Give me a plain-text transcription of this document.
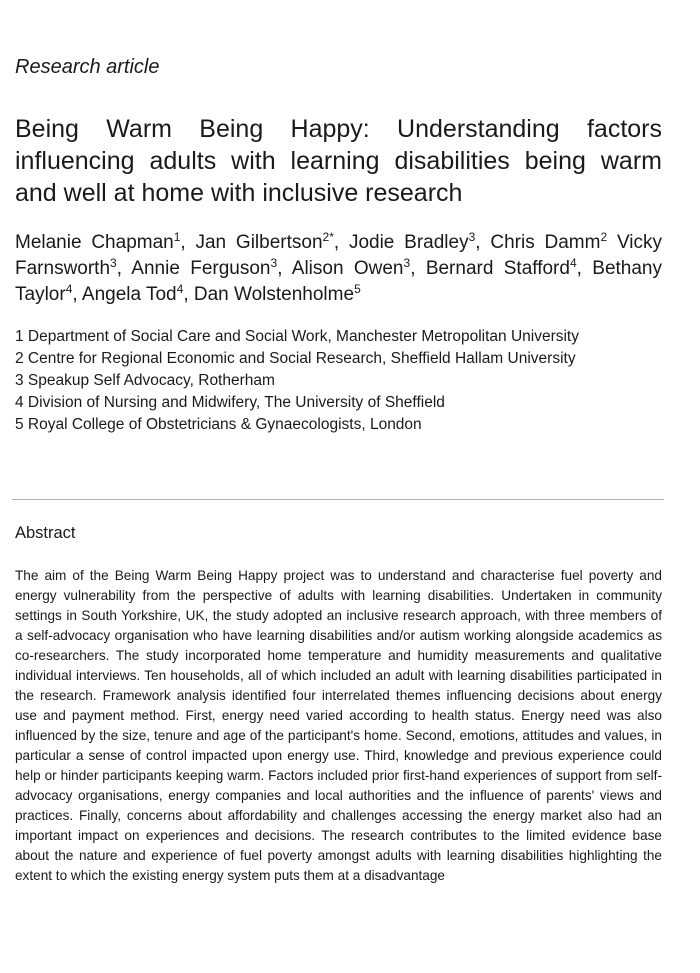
Research article
Being Warm Being Happy: Understanding factors influencing adults with learning disabilities being warm and well at home with inclusive research
Melanie Chapman$^1$, Jan Gilbertson$^{2*}$, Jodie Bradley$^3$, Chris Damm$^2$ Vicky Farnsworth$^3$, Annie Ferguson$^3$, Alison Owen$^3$, Bernard Stafford$^4$, Bethany Taylor$^4$, Angela Tod$^4$, Dan Wolstenholme$^5$
1 Department of Social Care and Social Work, Manchester Metropolitan University
2 Centre for Regional Economic and Social Research, Sheffield Hallam University
3 Speakup Self Advocacy, Rotherham
4 Division of Nursing and Midwifery, The University of Sheffield
5 Royal College of Obstetricians & Gynaecologists, London
Abstract

The aim of the Being Warm Being Happy project was to understand and characterise fuel poverty and energy vulnerability from the perspective of adults with learning disabilities. Undertaken in community settings in South Yorkshire, UK, the study adopted an inclusive research approach, with three members of a self-advocacy organisation who have learning disabilities and/or autism working alongside academics as co-researchers. The study incorporated home temperature and humidity measurements and qualitative individual interviews. Ten households, all of which included an adult with learning disabilities participated in the research. Framework analysis identified four interrelated themes influencing decisions about energy use and payment method. First, energy need varied according to health status. Energy need was also influenced by the size, tenure and age of the participant's home. Second, emotions, attitudes and values, in particular a sense of control impacted upon energy use. Third, knowledge and previous experience could help or hinder participants keeping warm. Factors included prior first-hand experiences of support from self-advocacy organisations, energy companies and local authorities and the influence of parents' views and practices. Finally, concerns about affordability and challenges accessing the energy market also had an important impact on experiences and decisions. The research contributes to the limited evidence base about the nature and experience of fuel poverty amongst adults with learning disabilities highlighting the extent to which the existing energy system puts them at a disadvantage
